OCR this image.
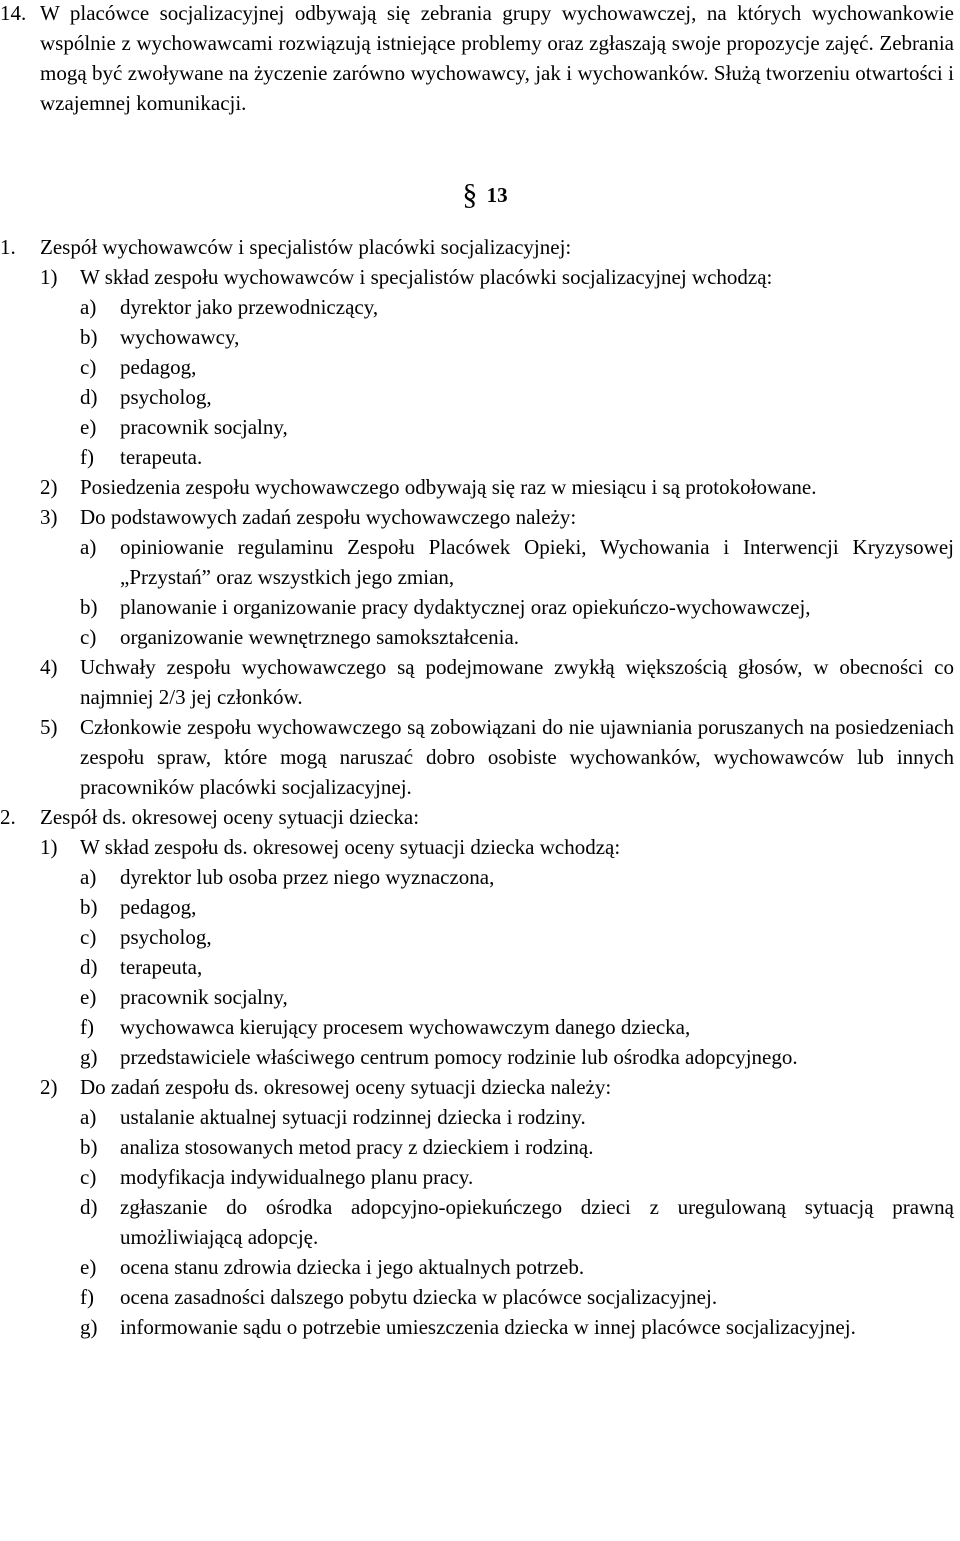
14. W placówce socjalizacyjnej odbywają się zebrania grupy wychowawczej, na których wychowankowie wspólnie z wychowawcami rozwiązują istniejące problemy oraz zgłaszają swoje propozycje zajęć. Zebrania mogą być zwoływane na życzenie zarówno wychowawcy, jak i wychowanków. Służą tworzeniu otwartości i wzajemnej komunikacji.
§ 13
1. Zespół wychowawców i specjalistów placówki socjalizacyjnej:
1) W skład zespołu wychowawców i specjalistów placówki socjalizacyjnej wchodzą:
a) dyrektor jako przewodniczący,
b) wychowawcy,
c) pedagog,
d) psycholog,
e) pracownik socjalny,
f) terapeuta.
2) Posiedzenia zespołu wychowawczego odbywają się raz w miesiącu i są protokołowane.
3) Do podstawowych zadań zespołu wychowawczego należy:
a) opiniowanie regulaminu Zespołu Placówek Opieki, Wychowania i Interwencji Kryzysowej „Przystań” oraz wszystkich jego zmian,
b) planowanie i organizowanie pracy dydaktycznej oraz opiekuńczo-wychowawczej,
c) organizowanie wewnętrznego samokształcenia.
4) Uchwały zespołu wychowawczego są podejmowane zwykłą większością głosów, w obecności co najmniej 2/3 jej członków.
5) Członkowie zespołu wychowawczego są zobowiązani do nie ujawniania poruszanych na posiedzeniach zespołu spraw, które mogą naruszać dobro osobiste wychowanków, wychowawców lub innych pracowników placówki socjalizacyjnej.
2. Zespół ds. okresowej oceny sytuacji dziecka:
1) W skład zespołu ds. okresowej oceny sytuacji dziecka wchodzą:
a) dyrektor lub osoba przez niego wyznaczona,
b) pedagog,
c) psycholog,
d) terapeuta,
e) pracownik socjalny,
f) wychowawca kierujący procesem wychowawczym danego dziecka,
g) przedstawiciele właściwego centrum pomocy rodzinie lub ośrodka adopcyjnego.
2) Do zadań zespołu ds. okresowej oceny sytuacji dziecka należy:
a) ustalanie aktualnej sytuacji rodzinnej dziecka i rodziny.
b) analiza stosowanych metod pracy z dzieckiem i rodziną.
c) modyfikacja indywidualnego planu pracy.
d) zgłaszanie do ośrodka adopcyjno-opiekuńczego dzieci z uregulowaną sytuacją prawną umożliwiającą adopcję.
e) ocena stanu zdrowia dziecka i jego aktualnych potrzeb.
f) ocena zasadności dalszego pobytu dziecka w placówce socjalizacyjnej.
g) informowanie sądu o potrzebie umieszczenia dziecka w innej placówce socjalizacyjnej.
